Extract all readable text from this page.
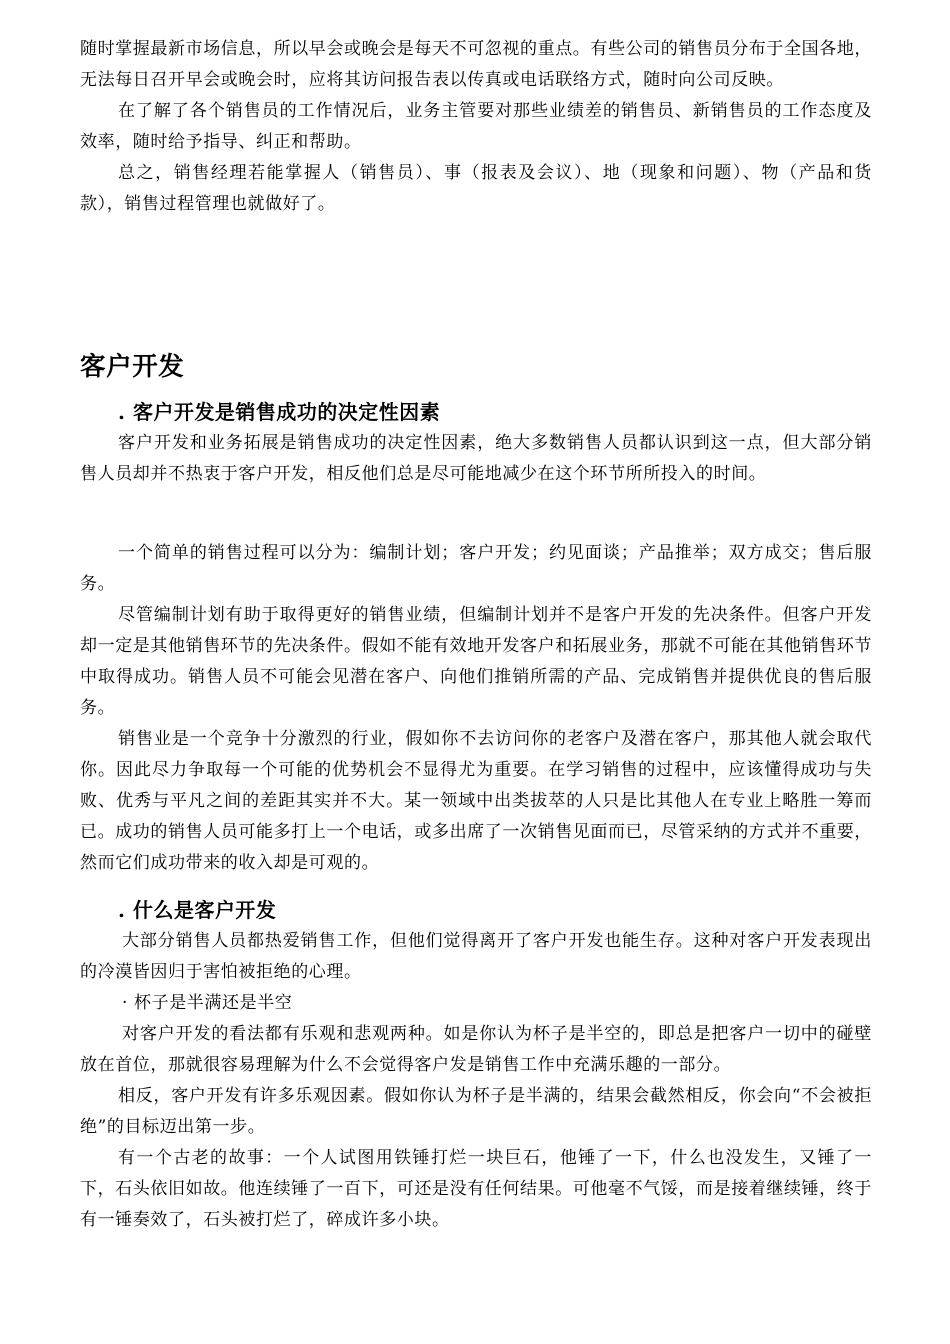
随时掌握最新市场信息，所以早会或晚会是每天不可忽视的重点。有些公司的销售员分布于全国各地，无法每日召开早会或晚会时，应将其访问报告表以传真或电话联络方式，随时向公司反映。

在了解了各个销售员的工作情况后，业务主管要对那些业绩差的销售员、新销售员的工作态度及效率，随时给予指导、纠正和帮助。

总之，销售经理若能掌握人（销售员）、事（报表及会议）、地（现象和问题）、物（产品和货款），销售过程管理也就做好了。

客户开发
. 客户开发是销售成功的决定性因素

客户开发和业务拓展是销售成功的决定性因素，绝大多数销售人员都认识到这一点，但大部分销售人员却并不热衷于客户开发，相反他们总是尽可能地减少在这个环节所所投入的时间。

一个简单的销售过程可以分为：编制计划；客户开发；约见面谈；产品推举；双方成交；售后服务。

尽管编制计划有助于取得更好的销售业绩，但编制计划并不是客户开发的先决条件。但客户开发却一定是其他销售环节的先决条件。假如不能有效地开发客户和拓展业务，那就不可能在其他销售环节中取得成功。销售人员不可能会见潜在客户、向他们推销所需的产品、完成销售并提供优良的售后服务。

销售业是一个竞争十分激烈的行业，假如你不去访问你的老客户及潜在客户，那其他人就会取代你。因此尽力争取每一个可能的优势机会不显得尤为重要。在学习销售的过程中，应该懂得成功与失败、优秀与平凡之间的差距其实并不大。某一领域中出类拔萃的人只是比其他人在专业上略胜一筹而已。成功的销售人员可能多打上一个电话，或多出席了一次销售见面而已，尽管采纳的方式并不重要，然而它们成功带来的收入却是可观的。

. 什么是客户开发

大部分销售人员都热爱销售工作，但他们觉得离开了客户开发也能生存。这种对客户开发表现出的冷漠皆因归于害怕被拒绝的心理。

· 杯子是半满还是半空

对客户开发的看法都有乐观和悲观两种。如是你认为杯子是半空的，即总是把客户一切中的碰壁放在首位，那就很容易理解为什么不会觉得客户发是销售工作中充满乐趣的一部分。

相反，客户开发有许多乐观因素。假如你认为杯子是半满的，结果会截然相反，你会向“不会被拒绝”的目标迈出第一步。

有一个古老的故事：一个人试图用铁锤打烂一块巨石，他锤了一下，什么也没发生，又锤了一下，石头依旧如故。他连续锤了一百下，可还是没有任何结果。可他毫不气馁，而是接着继续锤，终于有一锤奏效了，石头被打烂了，碎成许多小块。
